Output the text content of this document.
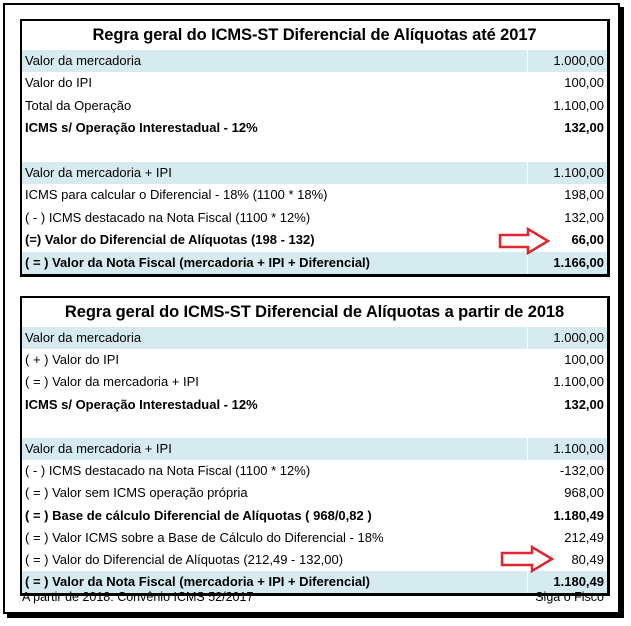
Regra geral do ICMS-ST Diferencial de Alíquotas até 2017
Valor da mercadoria	1.000,00
Valor do IPI	100,00
Total da Operação	1.100,00
ICMS s/ Operação Interestadual - 12%	132,00
Valor da mercadoria + IPI	1.100,00
ICMS para calcular o Diferencial - 18% (1100 * 18%)	198,00
( - ) ICMS destacado na Nota Fiscal (1100 * 12%)	132,00
(=) Valor do Diferencial de Alíquotas (198 - 132)	66,00
( = ) Valor da Nota Fiscal (mercadoria + IPI + Diferencial)	1.166,00
Regra geral do ICMS-ST Diferencial de Alíquotas a partir de 2018
Valor da mercadoria	1.000,00
( + ) Valor do IPI	100,00
( = ) Valor da mercadoria + IPI	1.100,00
ICMS s/ Operação Interestadual - 12%	132,00
Valor da mercadoria + IPI	1.100,00
( - ) ICMS destacado na Nota Fiscal (1100 * 12%)	-132,00
( = ) Valor sem ICMS operação própria	968,00
( = ) Base de cálculo Diferencial de Alíquotas ( 968/0,82 )	1.180,49
( = ) Valor ICMS sobre a Base de Cálculo do Diferencial - 18%	212,49
( = ) Valor do Diferencial de Alíquotas (212,49 - 132,00)	80,49
( = ) Valor da Nota Fiscal (mercadoria + IPI + Diferencial)	1.180,49
A partir de 2018: Convênio ICMS 52/2017	Siga o Fisco
